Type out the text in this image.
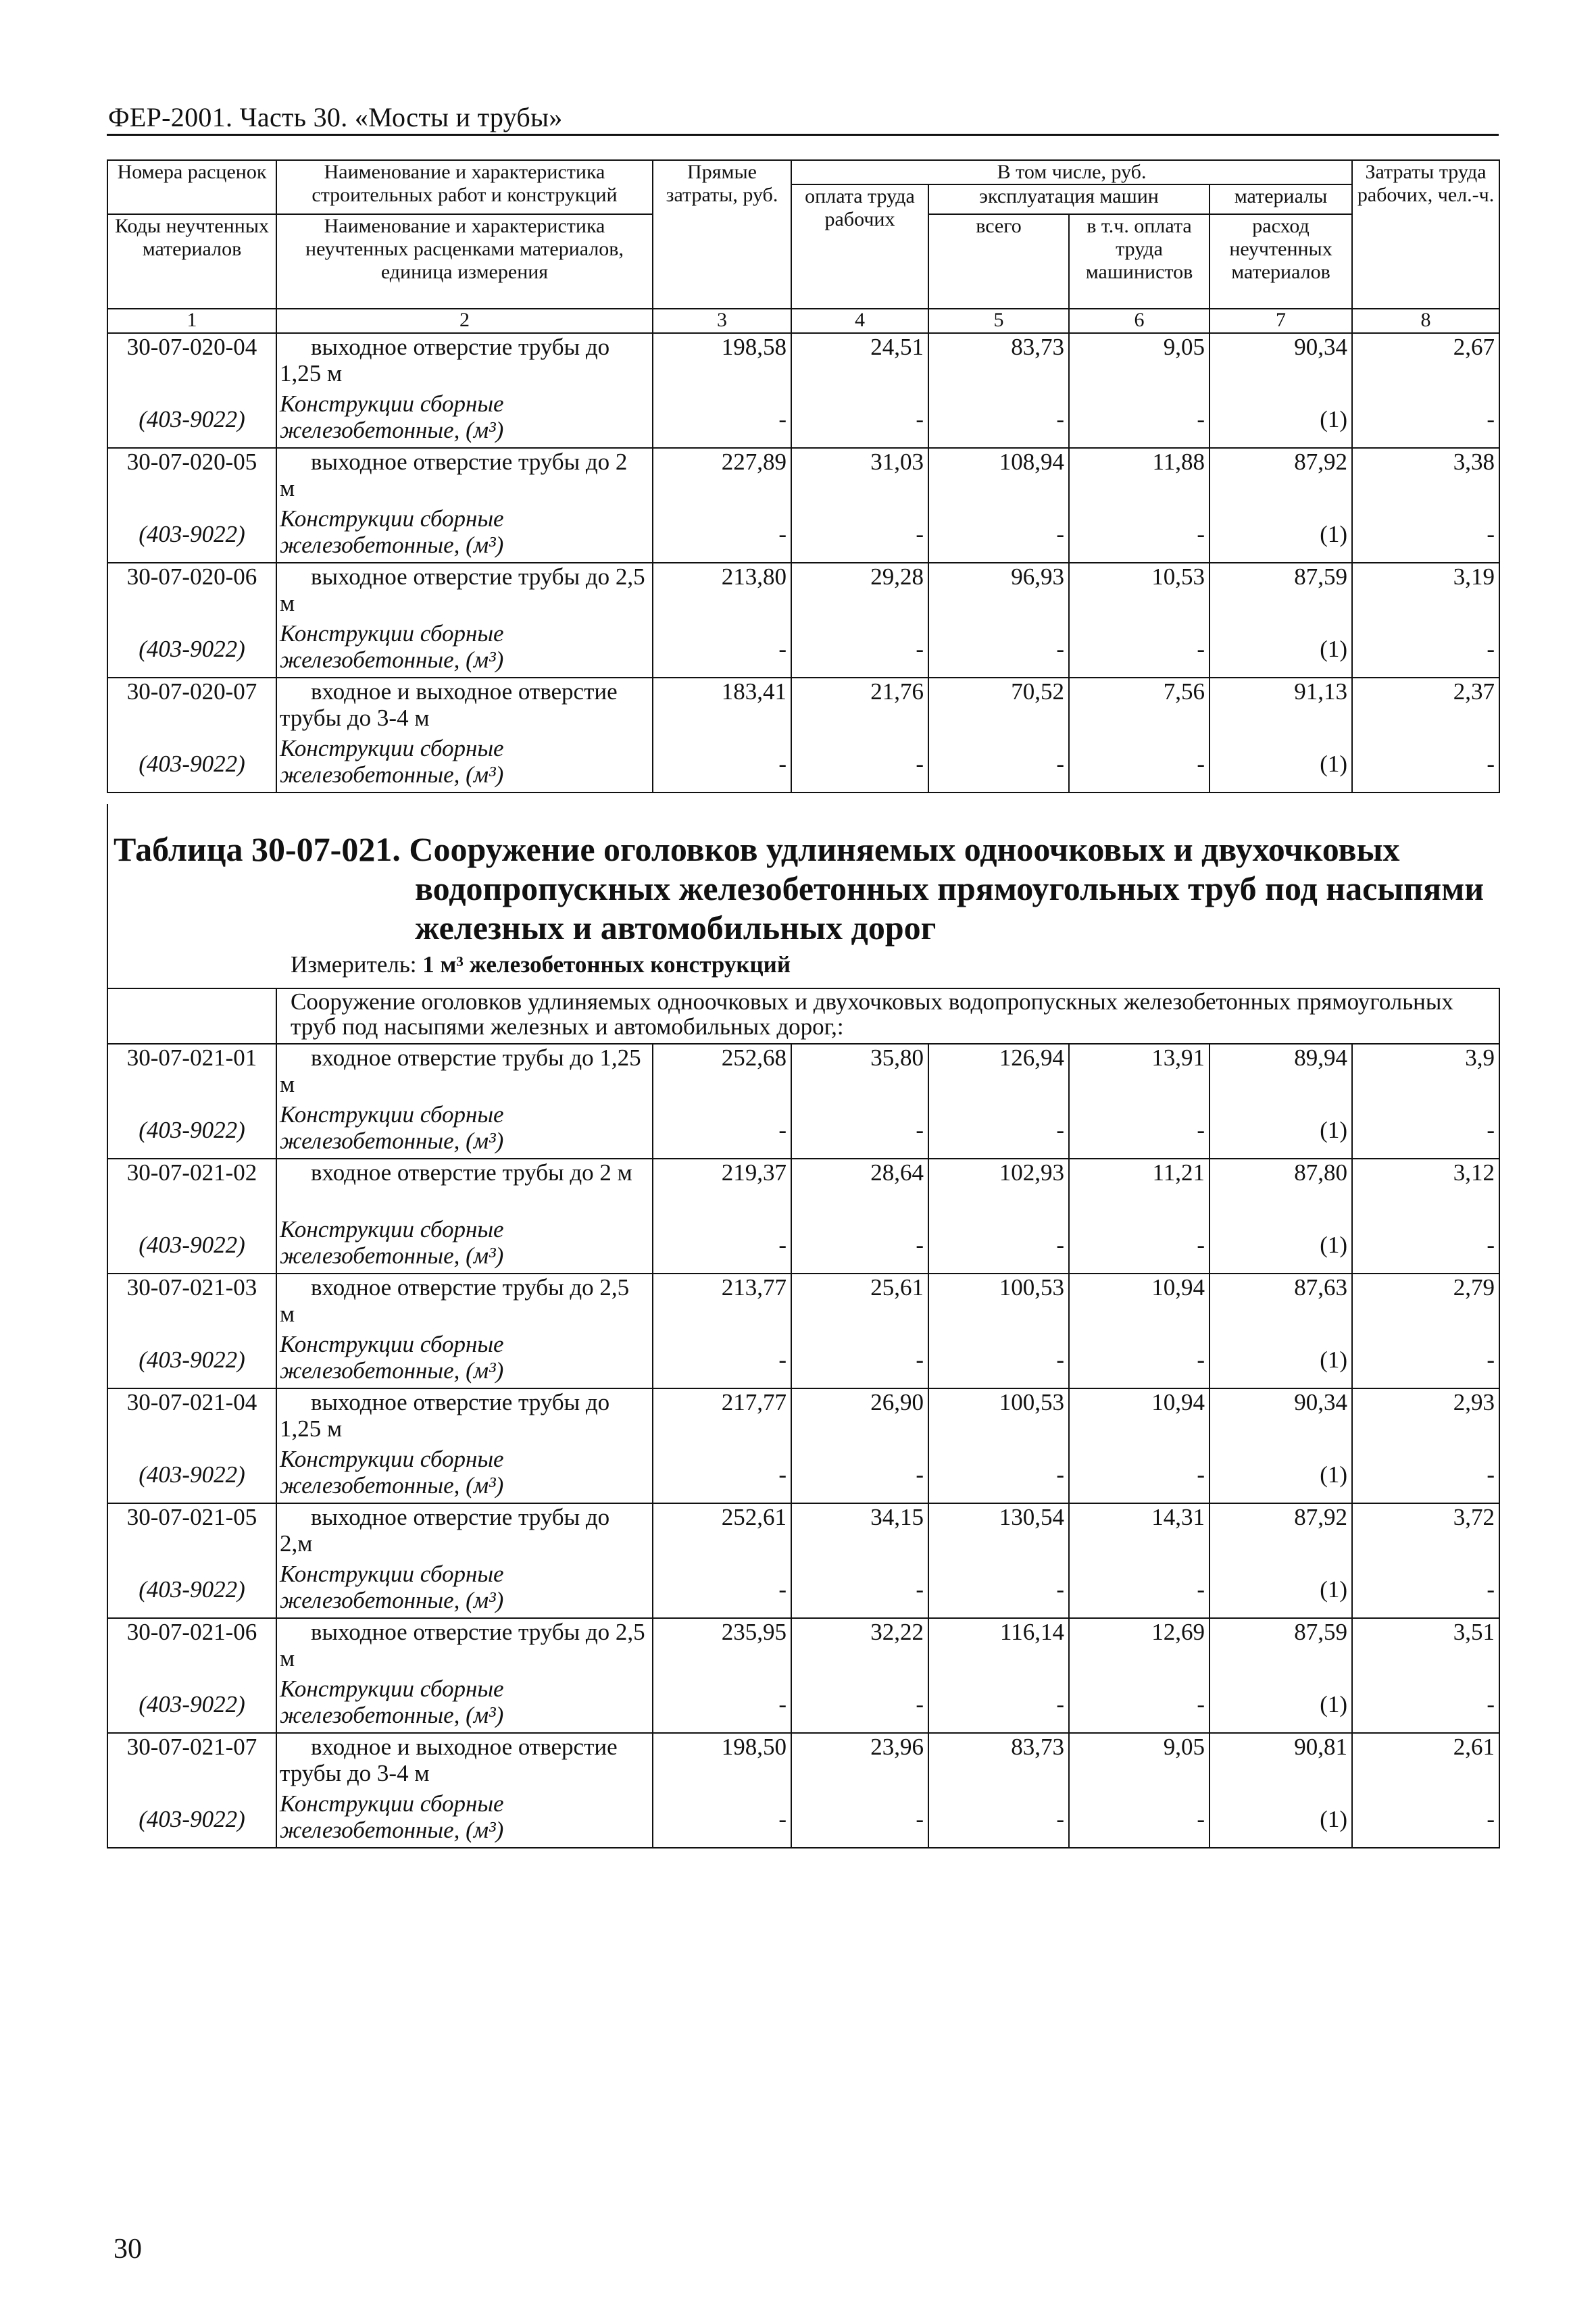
ФЕР-2001. Часть 30. «Мосты и трубы»
Номера расценок	Наименование и характеристика строительных работ и конструкций	Прямые затраты, руб.	В том числе, руб.				Затраты труда рабочих, чел.-ч.
			оплата труда рабочих	эксплуатация машин		материалы	
Коды неучтенных материалов	Наименование и характеристика неучтенных расценками материалов, единица измерения			всего	в т.ч. оплата труда машинистов	расход неучтенных материалов	

1	2	3	4	5	6	7	8
30-07-020-04	выходное отверстие трубы до 1,25 м	198,58	24,51	83,73	9,05	90,34	2,67
(403-9022)	Конструкции сборные железобетонные, (м³)	-	-	-	-	(1)	-
30-07-020-05	выходное отверстие трубы до 2 м	227,89	31,03	108,94	11,88	87,92	3,38
(403-9022)	Конструкции сборные железобетонные, (м³)	-	-	-	-	(1)	-
30-07-020-06	выходное отверстие трубы до 2,5 м	213,80	29,28	96,93	10,53	87,59	3,19
(403-9022)	Конструкции сборные железобетонные, (м³)	-	-	-	-	(1)	-
30-07-020-07	входное и выходное отверстие трубы до 3-4 м	183,41	21,76	70,52	7,56	91,13	2,37
(403-9022)	Конструкции сборные железобетонные, (м³)	-	-	-	-	(1)	-
Таблица 30-07-021. Сооружение оголовков удлиняемых одноочковых и двухочковых
водопропускных железобетонных прямоугольных труб под насыпями
железных и автомобильных дорог
Измеритель: 1 м³ железобетонных конструкций
	Сооружение оголовков удлиняемых одноочковых и двухочковых водопропускных железобетонных прямоугольных труб под насыпями железных и автомобильных дорог,:						
30-07-021-01	входное отверстие трубы до 1,25 м	252,68	35,80	126,94	13,91	89,94	3,9
(403-9022)	Конструкции сборные железобетонные, (м³)	-	-	-	-	(1)	-
30-07-021-02	входное отверстие трубы до 2 м	219,37	28,64	102,93	11,21	87,80	3,12
(403-9022)	Конструкции сборные железобетонные, (м³)	-	-	-	-	(1)	-
30-07-021-03	входное отверстие трубы до 2,5 м	213,77	25,61	100,53	10,94	87,63	2,79
(403-9022)	Конструкции сборные железобетонные, (м³)	-	-	-	-	(1)	-
30-07-021-04	выходное отверстие трубы до 1,25 м	217,77	26,90	100,53	10,94	90,34	2,93
(403-9022)	Конструкции сборные железобетонные, (м³)	-	-	-	-	(1)	-
30-07-021-05	выходное отверстие трубы до 2,м	252,61	34,15	130,54	14,31	87,92	3,72
(403-9022)	Конструкции сборные железобетонные, (м³)	-	-	-	-	(1)	-
30-07-021-06	выходное отверстие трубы до 2,5 м	235,95	32,22	116,14	12,69	87,59	3,51
(403-9022)	Конструкции сборные железобетонные, (м³)	-	-	-	-	(1)	-
30-07-021-07	входное и выходное отверстие трубы до 3-4 м	198,50	23,96	83,73	9,05	90,81	2,61
(403-9022)	Конструкции сборные железобетонные, (м³)	-	-	-	-	(1)	-
30
